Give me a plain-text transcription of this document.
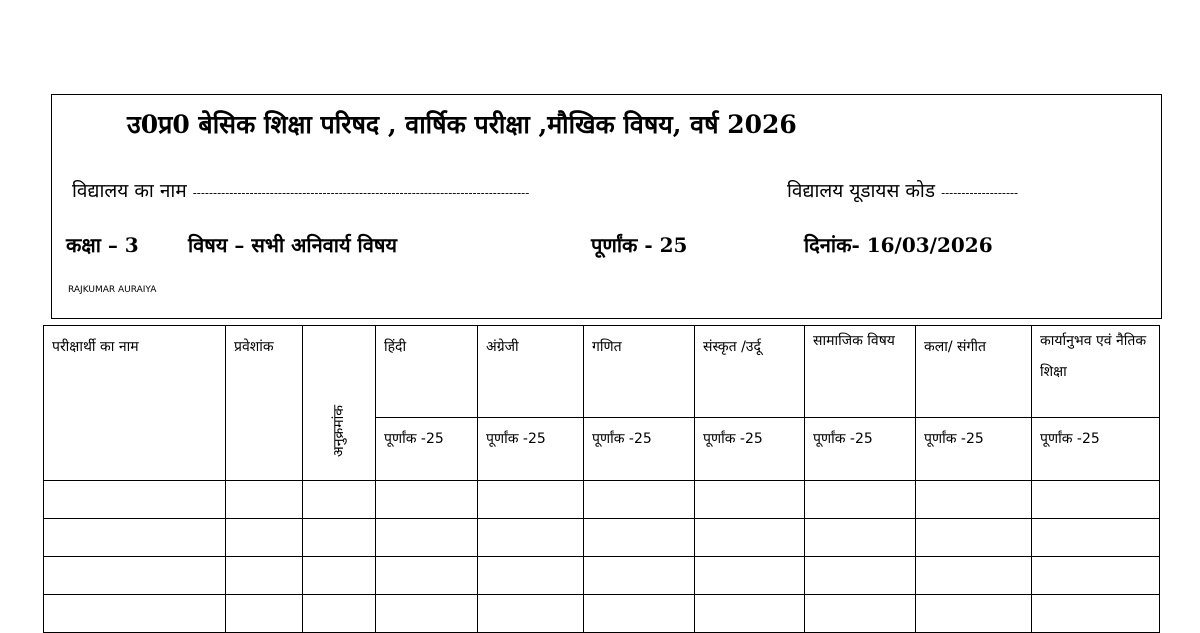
उ0प्र0 बेसिक शिक्षा परिषद , वार्षिक परीक्षा ,मौखिक विषय, वर्ष 2026
विद्यालय का नाम -----------------------------------------------------------------------------------	विद्यालय यूडायस कोड -------------------
कक्षा – 3 विषय – सभी अनिवार्य विषय	पूर्णांक - 25	दिनांक- 16/03/2026
RAJKUMAR AURAIYA
परीक्षार्थी का नाम	प्रवेशांक	अनुक्रमांक	हिंदी	अंग्रेजी	गणित	संस्कृत /उर्दू	सामाजिक विषय	कला/ संगीत	कार्यानुभव एवं नैतिक शिक्षा
			पूर्णांक -25	पूर्णांक -25	पूर्णांक -25	पूर्णांक -25	पूर्णांक -25	पूर्णांक -25	पूर्णांक -25
